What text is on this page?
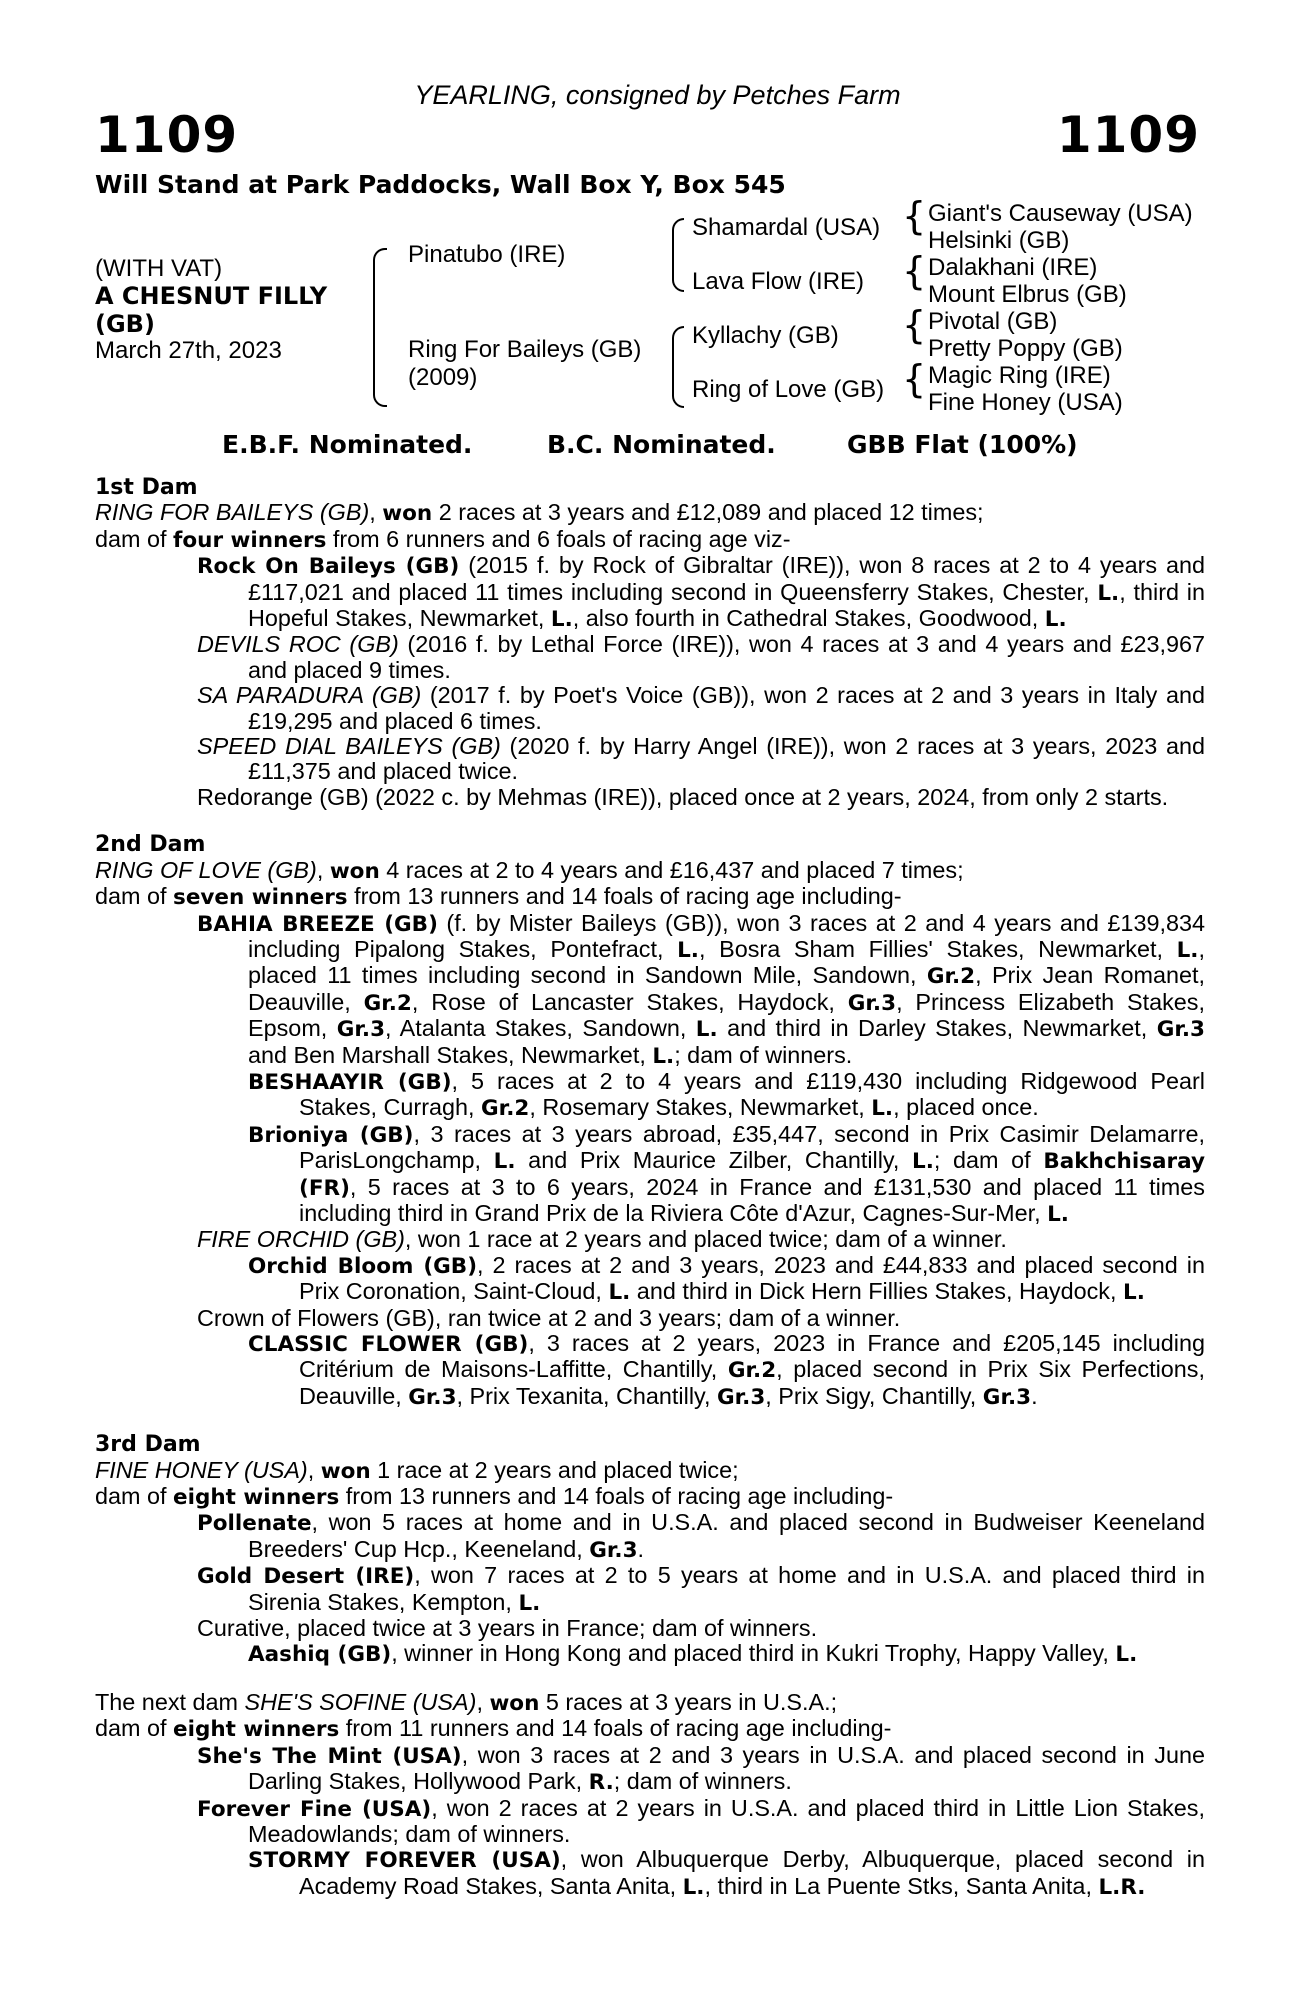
YEARLING, consigned by Petches Farm
1109	1109
Will Stand at Park Paddocks, Wall Box Y, Box 545
(WITH VAT)
A CHESNUT FILLY
(GB)
March 27th, 2023
Pinatubo (IRE)
Ring For Baileys (GB)
(2009)
Shamardal (USA)
Lava Flow (IRE)
Kyllachy (GB)
Ring of Love (GB)
{
{
{
{
Giant's Causeway (USA)
Helsinki (GB)
Dalakhani (IRE)
Mount Elbrus (GB)
Pivotal (GB)
Pretty Poppy (GB)
Magic Ring (IRE)
Fine Honey (USA)
E.B.F. Nominated.	B.C. Nominated.	GBB Flat (100%)
1st Dam
RING FOR BAILEYS (GB), won 2 races at 3 years and £12,089 and placed 12 times;
dam of four winners from 6 runners and 6 foals of racing age viz-
Rock On Baileys (GB) (2015 f. by Rock of Gibraltar (IRE)), won 8 races at 2 to 4 years and £117,021 and placed 11 times including second in Queensferry Stakes, Chester, L., third in Hopeful Stakes, Newmarket, L., also fourth in Cathedral Stakes, Goodwood, L.
DEVILS ROC (GB) (2016 f. by Lethal Force (IRE)), won 4 races at 3 and 4 years and £23,967 and placed 9 times.
SA PARADURA (GB) (2017 f. by Poet's Voice (GB)), won 2 races at 2 and 3 years in Italy and £19,295 and placed 6 times.
SPEED DIAL BAILEYS (GB) (2020 f. by Harry Angel (IRE)), won 2 races at 3 years, 2023 and £11,375 and placed twice.
Redorange (GB) (2022 c. by Mehmas (IRE)), placed once at 2 years, 2024, from only 2 starts.
2nd Dam
RING OF LOVE (GB), won 4 races at 2 to 4 years and £16,437 and placed 7 times;
dam of seven winners from 13 runners and 14 foals of racing age including-
BAHIA BREEZE (GB) (f. by Mister Baileys (GB)), won 3 races at 2 and 4 years and £139,834 including Pipalong Stakes, Pontefract, L., Bosra Sham Fillies' Stakes, Newmarket, L., placed 11 times including second in Sandown Mile, Sandown, Gr.2, Prix Jean Romanet, Deauville, Gr.2, Rose of Lancaster Stakes, Haydock, Gr.3, Princess Elizabeth Stakes, Epsom, Gr.3, Atalanta Stakes, Sandown, L. and third in Darley Stakes, Newmarket, Gr.3 and Ben Marshall Stakes, Newmarket, L.; dam of winners.
BESHAAYIR (GB), 5 races at 2 to 4 years and £119,430 including Ridgewood Pearl Stakes, Curragh, Gr.2, Rosemary Stakes, Newmarket, L., placed once.
Brioniya (GB), 3 races at 3 years abroad, £35,447, second in Prix Casimir Delamarre, ParisLongchamp, L. and Prix Maurice Zilber, Chantilly, L.; dam of Bakhchisaray (FR), 5 races at 3 to 6 years, 2024 in France and £131,530 and placed 11 times including third in Grand Prix de la Riviera Côte d'Azur, Cagnes-Sur-Mer, L.
FIRE ORCHID (GB), won 1 race at 2 years and placed twice; dam of a winner.
Orchid Bloom (GB), 2 races at 2 and 3 years, 2023 and £44,833 and placed second in Prix Coronation, Saint-Cloud, L. and third in Dick Hern Fillies Stakes, Haydock, L.
Crown of Flowers (GB), ran twice at 2 and 3 years; dam of a winner.
CLASSIC FLOWER (GB), 3 races at 2 years, 2023 in France and £205,145 including Critérium de Maisons-Laffitte, Chantilly, Gr.2, placed second in Prix Six Perfections, Deauville, Gr.3, Prix Texanita, Chantilly, Gr.3, Prix Sigy, Chantilly, Gr.3.
3rd Dam
FINE HONEY (USA), won 1 race at 2 years and placed twice;
dam of eight winners from 13 runners and 14 foals of racing age including-
Pollenate, won 5 races at home and in U.S.A. and placed second in Budweiser Keeneland Breeders' Cup Hcp., Keeneland, Gr.3.
Gold Desert (IRE), won 7 races at 2 to 5 years at home and in U.S.A. and placed third in Sirenia Stakes, Kempton, L.
Curative, placed twice at 3 years in France; dam of winners.
Aashiq (GB), winner in Hong Kong and placed third in Kukri Trophy, Happy Valley, L.
The next dam SHE'S SOFINE (USA), won 5 races at 3 years in U.S.A.;
dam of eight winners from 11 runners and 14 foals of racing age including-
She's The Mint (USA), won 3 races at 2 and 3 years in U.S.A. and placed second in June Darling Stakes, Hollywood Park, R.; dam of winners.
Forever Fine (USA), won 2 races at 2 years in U.S.A. and placed third in Little Lion Stakes, Meadowlands; dam of winners.
STORMY FOREVER (USA), won Albuquerque Derby, Albuquerque, placed second in Academy Road Stakes, Santa Anita, L., third in La Puente Stks, Santa Anita, L.R.
